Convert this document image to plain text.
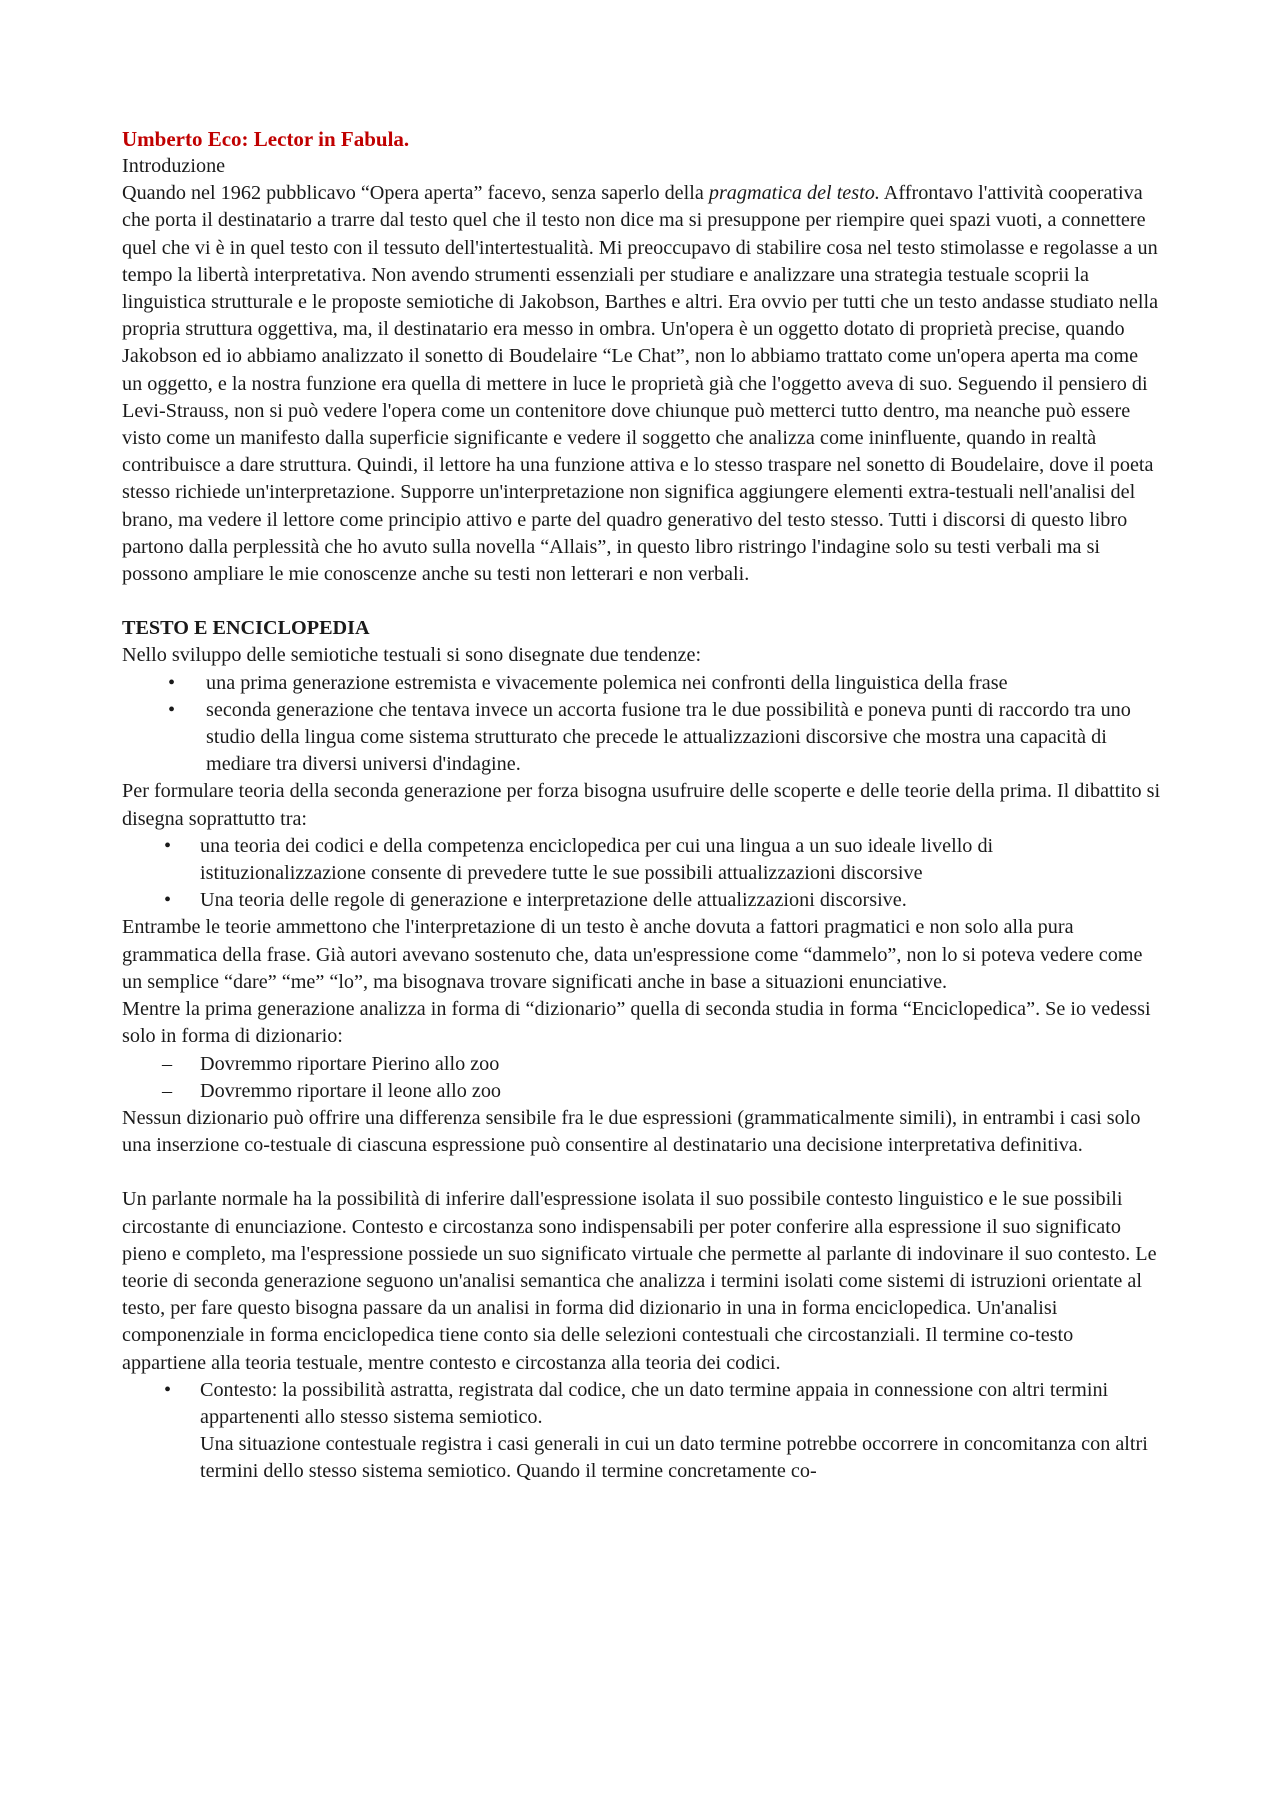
Umberto Eco: Lector in Fabula.

Introduzione

Quando nel 1962 pubblicavo “Opera aperta” facevo, senza saperlo della pragmatica del testo. Affrontavo l'attività cooperativa che porta il destinatario a trarre dal testo quel che il testo non dice ma si presuppone per riempire quei spazi vuoti, a connettere quel che vi è in quel testo con il tessuto dell'intertestualità. Mi preoccupavo di stabilire cosa nel testo stimolasse e regolasse a un tempo la libertà interpretativa. Non avendo strumenti essenziali per studiare e analizzare una strategia testuale scoprii la linguistica strutturale e le proposte semiotiche di Jakobson, Barthes e altri. Era ovvio per tutti che un testo andasse studiato nella propria struttura oggettiva, ma, il destinatario era messo in ombra. Un'opera è un oggetto dotato di proprietà precise, quando Jakobson ed io abbiamo analizzato il sonetto di Boudelaire “Le Chat”, non lo abbiamo trattato come un'opera aperta ma come un oggetto, e la nostra funzione era quella di mettere in luce le proprietà già che l'oggetto aveva di suo. Seguendo il pensiero di Levi-Strauss, non si può vedere l'opera come un contenitore dove chiunque può metterci tutto dentro, ma neanche può essere visto come un manifesto dalla superficie significante e vedere il soggetto che analizza come ininfluente, quando in realtà contribuisce a dare struttura. Quindi, il lettore ha una funzione attiva e lo stesso traspare nel sonetto di Boudelaire, dove il poeta stesso richiede un'interpretazione. Supporre un'interpretazione non significa aggiungere elementi extra-testuali nell'analisi del brano, ma vedere il lettore come principio attivo e parte del quadro generativo del testo stesso. Tutti i discorsi di questo libro partono dalla perplessità che ho avuto sulla novella “Allais”, in questo libro ristringo l'indagine solo su testi verbali ma si possono ampliare le mie conoscenze anche su testi non letterari e non verbali.

TESTO E ENCICLOPEDIA

Nello sviluppo delle semiotiche testuali si sono disegnate due tendenze:

• una prima generazione estremista e vivacemente polemica nei confronti della linguistica della frase
• seconda generazione che tentava invece un accorta fusione tra le due possibilità e poneva punti di raccordo tra uno studio della lingua come sistema strutturato che precede le attualizzazioni discorsive che mostra una capacità di mediare tra diversi universi d'indagine.

Per formulare teoria della seconda generazione per forza bisogna usufruire delle scoperte e delle teorie della prima. Il dibattito si disegna soprattutto tra:

• una teoria dei codici e della competenza enciclopedica per cui una lingua a un suo ideale livello di istituzionalizzazione consente di prevedere tutte le sue possibili attualizzazioni discorsive
• Una teoria delle regole di generazione e interpretazione delle attualizzazioni discorsive.

Entrambe le teorie ammettono che l'interpretazione di un testo è anche dovuta a fattori pragmatici e non solo alla pura grammatica della frase. Già autori avevano sostenuto che, data un'espressione come “dammelo”, non lo si poteva vedere come un semplice “dare” “me” “lo”, ma bisognava trovare significati anche in base a situazioni enunciative.

Mentre la prima generazione analizza in forma di “dizionario” quella di seconda studia in forma “Enciclopedica”. Se io vedessi solo in forma di dizionario:

– Dovremmo riportare Pierino allo zoo
– Dovremmo riportare il leone allo zoo

Nessun dizionario può offrire una differenza sensibile fra le due espressioni (grammaticalmente simili), in entrambi i casi solo una inserzione co-testuale di ciascuna espressione può consentire al destinatario una decisione interpretativa definitiva.

Un parlante normale ha la possibilità di inferire dall'espressione isolata il suo possibile contesto linguistico e le sue possibili circostante di enunciazione. Contesto e circostanza sono indispensabili per poter conferire alla espressione il suo significato pieno e completo, ma l'espressione possiede un suo significato virtuale che permette al parlante di indovinare il suo contesto. Le teorie di seconda generazione seguono un'analisi semantica che analizza i termini isolati come sistemi di istruzioni orientate al testo, per fare questo bisogna passare da un analisi in forma did dizionario in una in forma enciclopedica. Un'analisi componenziale in forma enciclopedica tiene conto sia delle selezioni contestuali che circostanziali. Il termine co-testo appartiene alla teoria testuale, mentre contesto e circostanza alla teoria dei codici.

• Contesto: la possibilità astratta, registrata dal codice, che un dato termine appaia in connessione con altri termini appartenenti allo stesso sistema semiotico.
Una situazione contestuale registra i casi generali in cui un dato termine potrebbe occorrere in concomitanza con altri termini dello stesso sistema semiotico. Quando il termine concretamente co-
